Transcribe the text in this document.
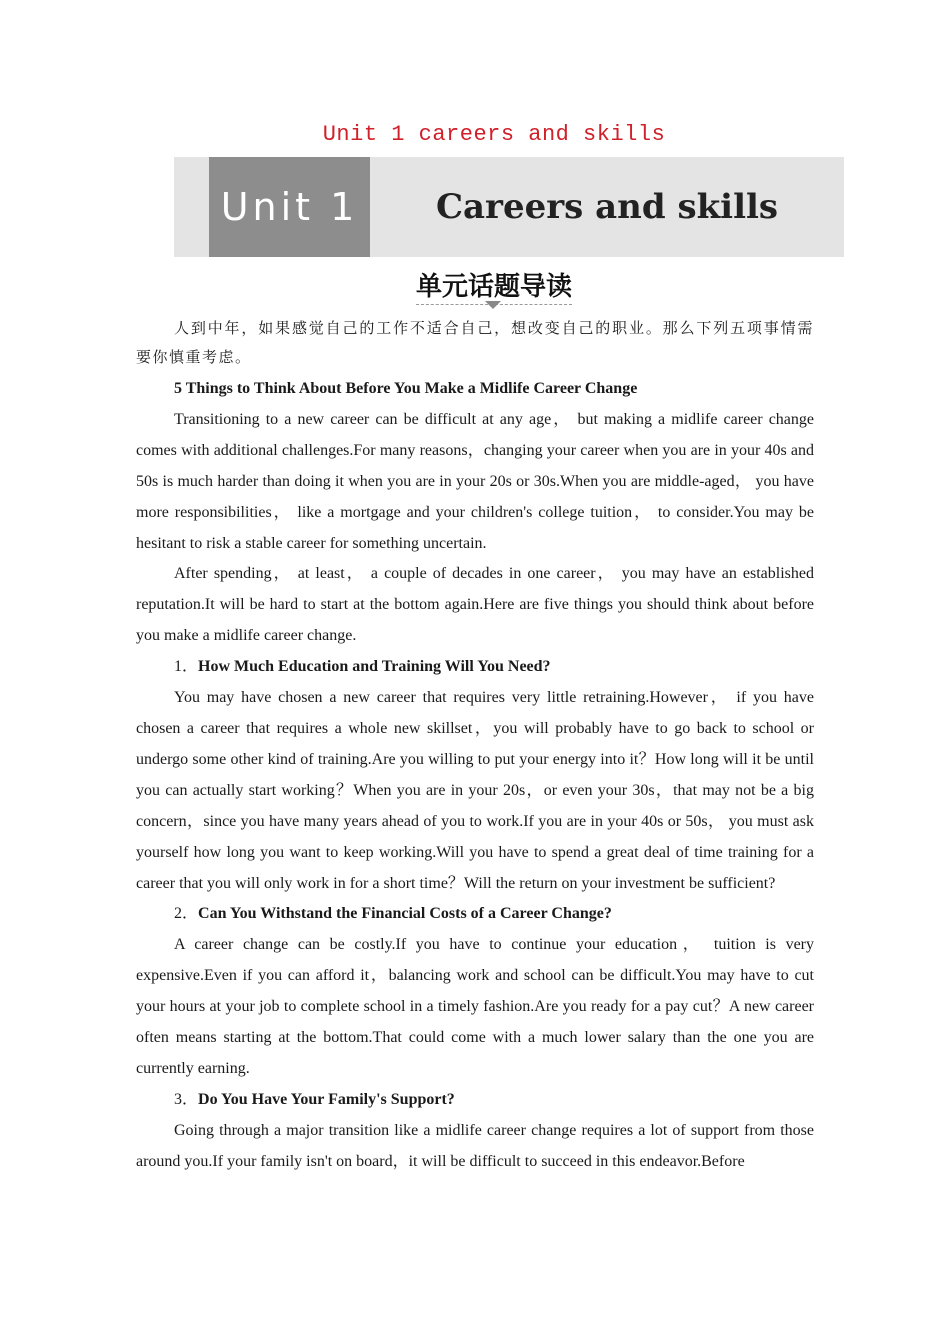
Unit 1 careers and skills
Unit 1	Careers and skills
单元话题导读

人到中年，如果感觉自己的工作不适合自己，想改变自己的职业。那么下列五项事情需要你慎重考虑。

5 Things to Think About Before You Make a Midlife Career Change

Transitioning to a new career can be difficult at any age， but making a midlife career change comes with additional challenges.For many reasons，changing your career when you are in your 40s and 50s is much harder than doing it when you are in your 20s or 30s.When you are middle-aged， you have more responsibilities， like a mortgage and your children's college tuition， to consider.You may be hesitant to risk a stable career for something uncertain.

After spending， at least， a couple of decades in one career， you may have an established reputation.It will be hard to start at the bottom again.Here are five things you should think about before you make a midlife career change.

1．How Much Education and Training Will You Need?

You may have chosen a new career that requires very little retraining.However， if you have chosen a career that requires a whole new skillset，you will probably have to go back to school or undergo some other kind of training.Are you willing to put your energy into it？How long will it be until you can actually start working？When you are in your 20s，or even your 30s，that may not be a big concern，since you have many years ahead of you to work.If you are in your 40s or 50s， you must ask yourself how long you want to keep working.Will you have to spend a great deal of time training for a career that you will only work in for a short time？Will the return on your investment be sufficient?

2．Can You Withstand the Financial Costs of a Career Change?

A career change can be costly.If you have to continue your education， tuition is very expensive.Even if you can afford it，balancing work and school can be difficult.You may have to cut your hours at your job to complete school in a timely fashion.Are you ready for a pay cut？A new career often means starting at the bottom.That could come with a much lower salary than the one you are currently earning.

3．Do You Have Your Family's Support?

Going through a major transition like a midlife career change requires a lot of support from those around you.If your family isn't on board，it will be difficult to succeed in this endeavor.Before
